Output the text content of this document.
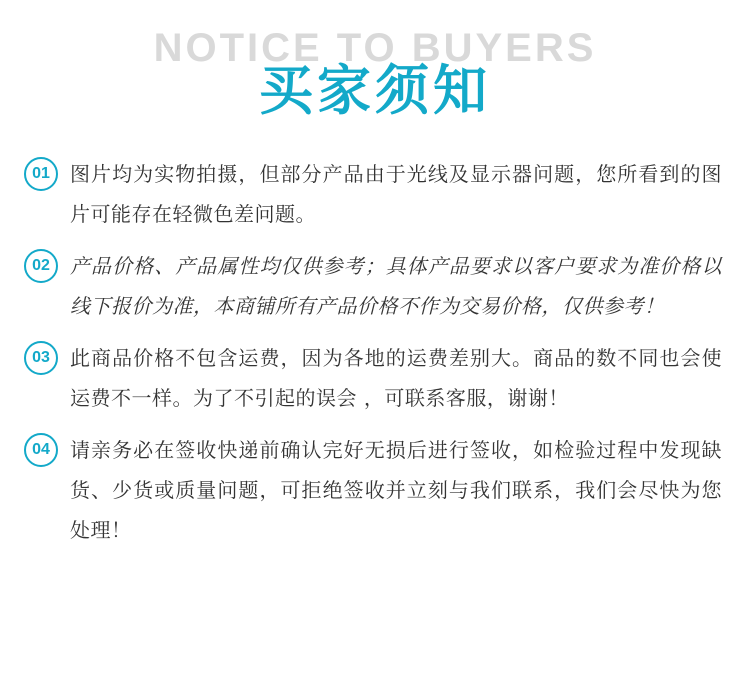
NOTICE TO BUYERS
买家须知
01	图片均为实物拍摄，但部分产品由于光线及显示器问题，您所看到的图片可能存在轻微色差问题。
02	产品价格、产品属性均仅供参考；具体产品要求以客户要求为准价格以线下报价为准，本商铺所有产品价格不作为交易价格，仅供参考！
03	此商品价格不包含运费，因为各地的运费差别大。商品的数不同也会使运费不一样。为了不引起的误会 ，可联系客服，谢谢！
04	请亲务必在签收快递前确认完好无损后进行签收，如检验过程中发现缺货、少货或质量问题，可拒绝签收并立刻与我们联系，我们会尽快为您处理！
